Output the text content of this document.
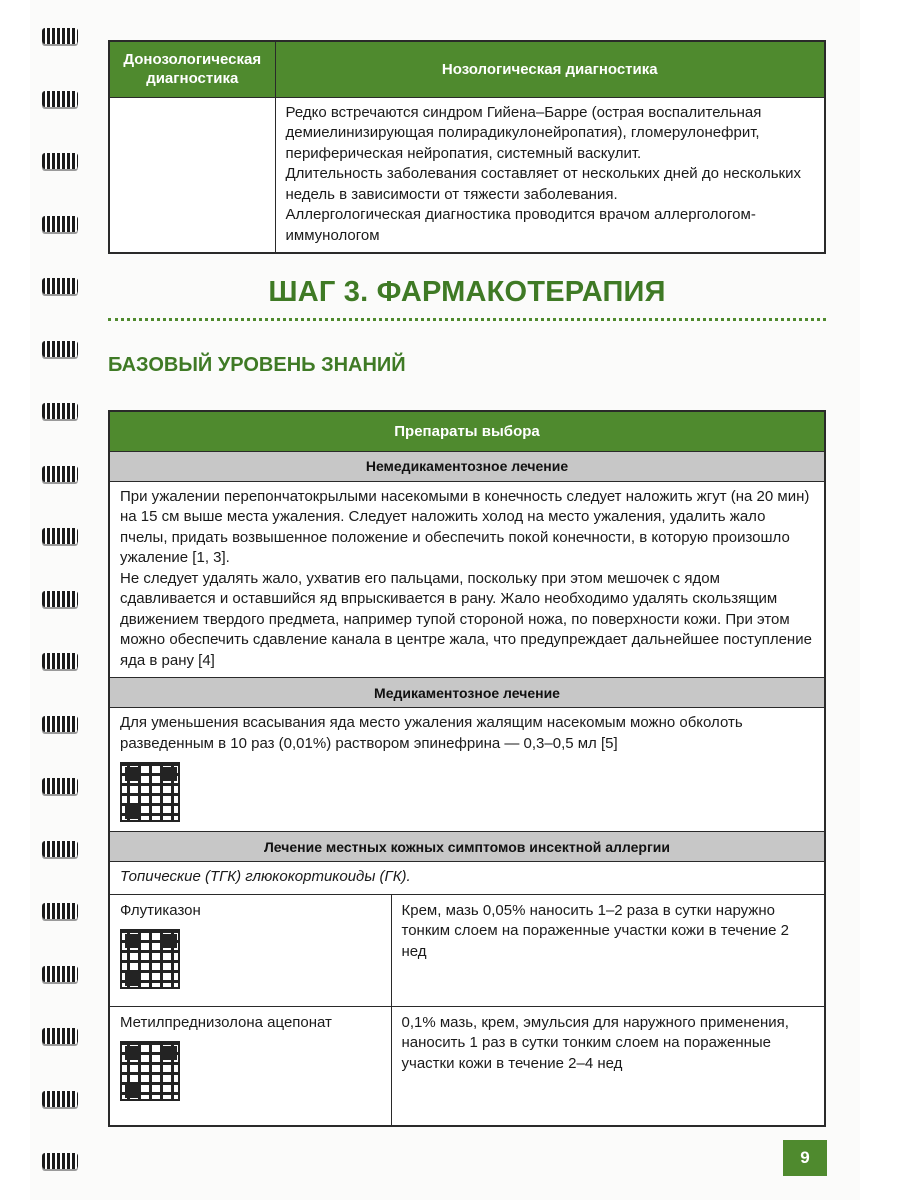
Донозологическая диагностика	Нозологическая диагностика

	Редко встречаются синдром Гийена–Барре (острая воспалительная демиелинизирующая полирадикулонейропатия), гломерулонефрит, периферическая нейропатия, системный васкулит.

Длительность заболевания составляет от нескольких дней до нескольких недель в зависимости от тяжести заболевания.

Аллергологическая диагностика проводится врачом аллергологом-иммунологом

ШАГ 3. ФАРМАКОТЕРАПИЯ
БАЗОВЫЙ УРОВЕНЬ ЗНАНИЙ
Препараты выбора	
Немедикаментозное лечение	

При ужалении перепончатокрылыми насекомыми в конечность следует наложить жгут (на 20 мин) на 15 см выше места ужаления. Следует наложить холод на место ужаления, удалить жало пчелы, придать возвышенное положение и обеспечить покой конечности, в которую произошло ужаление [1, 3].

Не следует удалять жало, ухватив его пальцами, поскольку при этом мешочек с ядом сдавливается и оставшийся яд впрыскивается в рану. Жало необходимо удалять скользящим движением твердого предмета, например тупой стороной ножа, по поверхности кожи. При этом можно обеспечить сдавление канала в центре жала, что предупреждает дальнейшее поступление яда в рану [4]	

Медикаментозное лечение	

Для уменьшения всасывания яда место ужаления жалящим насекомым можно обколоть разведенным в 10 раз (0,01%) раствором эпинефрина — 0,3–0,5 мл [5]	

Лечение местных кожных симптомов инсектной аллергии	
Топические (ТГК) глюкокортикоиды (ГК).	

Флутиказон	Крем, мазь 0,05% наносить 1–2 раза в сутки наружно тонким слоем на пораженные участки кожи в течение 2 нед

Метилпреднизолона ацепонат	0,1% мазь, крем, эмульсия для наружного применения, наносить 1 раз в сутки тонким слоем на пораженные участки кожи в течение 2–4 нед
9
